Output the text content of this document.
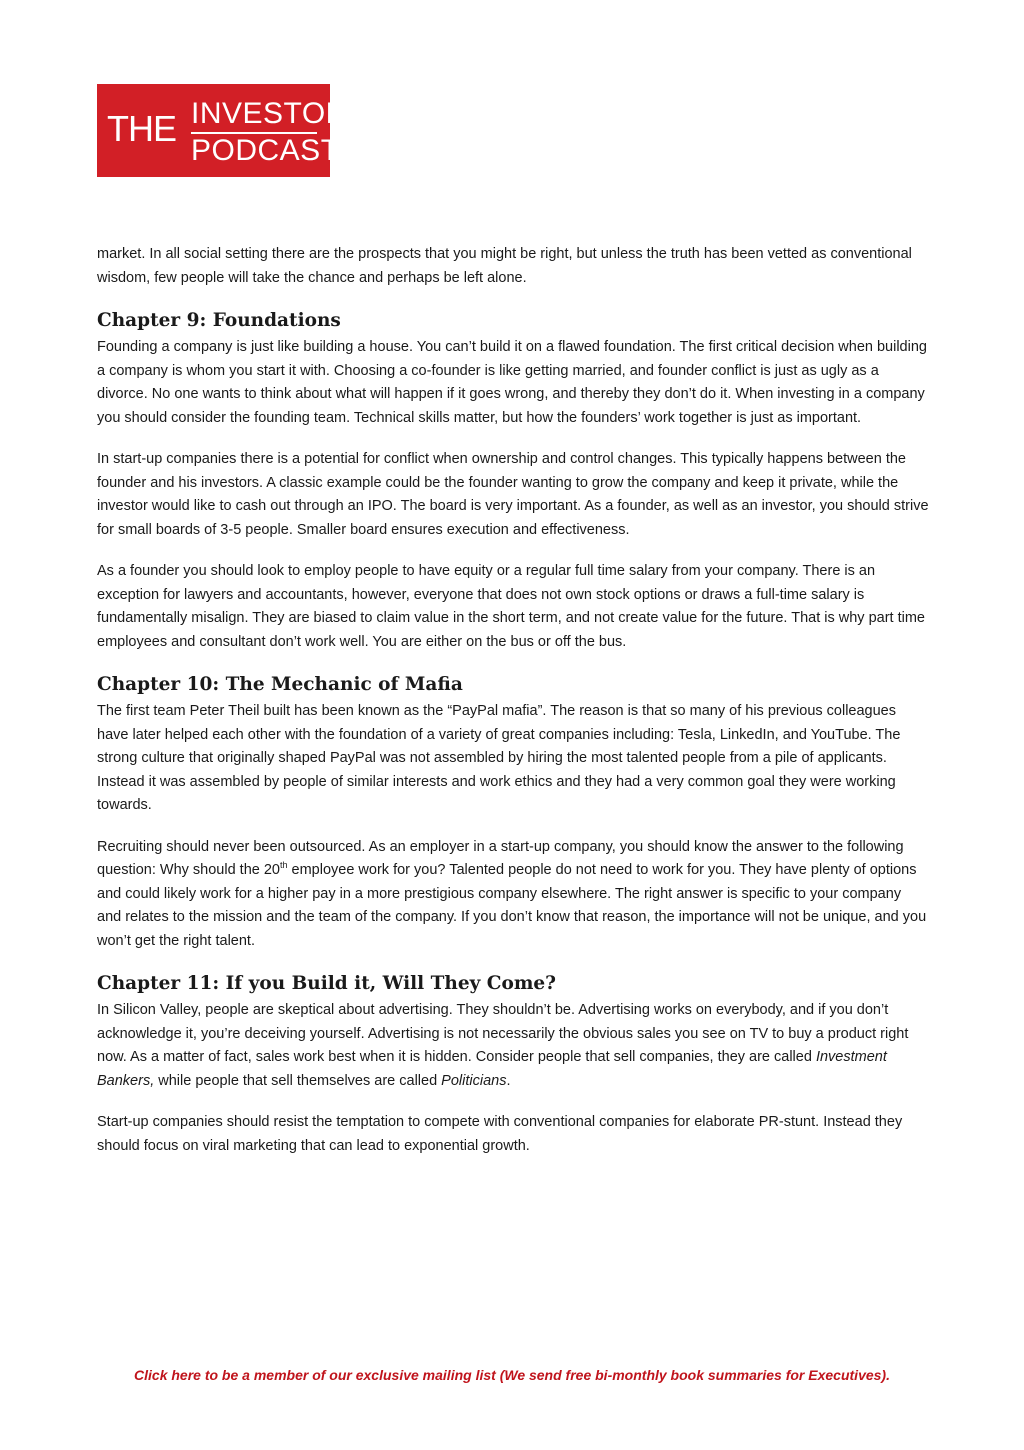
THE INVESTORS
PODCAST

market. In all social setting there are the prospects that you might be right, but unless the truth has been vetted as conventional wisdom, few people will take the chance and perhaps be left alone.

Chapter 9: Foundations

Founding a company is just like building a house. You can’t build it on a flawed foundation. The first critical decision when building a company is whom you start it with. Choosing a co-founder is like getting married, and founder conflict is just as ugly as a divorce. No one wants to think about what will happen if it goes wrong, and thereby they don’t do it. When investing in a company you should consider the founding team. Technical skills matter, but how the founders’ work together is just as important.

In start-up companies there is a potential for conflict when ownership and control changes. This typically happens between the founder and his investors. A classic example could be the founder wanting to grow the company and keep it private, while the investor would like to cash out through an IPO. The board is very important. As a founder, as well as an investor, you should strive for small boards of 3-5 people. Smaller board ensures execution and effectiveness.

As a founder you should look to employ people to have equity or a regular full time salary from your company. There is an exception for lawyers and accountants, however, everyone that does not own stock options or draws a full-time salary is fundamentally misalign. They are biased to claim value in the short term, and not create value for the future. That is why part time employees and consultant don’t work well. You are either on the bus or off the bus.

Chapter 10: The Mechanic of Mafia

The first team Peter Theil built has been known as the “PayPal mafia”. The reason is that so many of his previous colleagues have later helped each other with the foundation of a variety of great companies including: Tesla, LinkedIn, and YouTube. The strong culture that originally shaped PayPal was not assembled by hiring the most talented people from a pile of applicants. Instead it was assembled by people of similar interests and work ethics and they had a very common goal they were working towards.

Recruiting should never been outsourced. As an employer in a start-up company, you should know the answer to the following question: Why should the 20th employee work for you? Talented people do not need to work for you. They have plenty of options and could likely work for a higher pay in a more prestigious company elsewhere. The right answer is specific to your company and relates to the mission and the team of the company. If you don’t know that reason, the importance will not be unique, and you won’t get the right talent.

Chapter 11: If you Build it, Will They Come?

In Silicon Valley, people are skeptical about advertising. They shouldn’t be. Advertising works on everybody, and if you don’t acknowledge it, you’re deceiving yourself. Advertising is not necessarily the obvious sales you see on TV to buy a product right now. As a matter of fact, sales work best when it is hidden. Consider people that sell companies, they are called Investment Bankers, while people that sell themselves are called Politicians.

Start-up companies should resist the temptation to compete with conventional companies for elaborate PR-stunt. Instead they should focus on viral marketing that can lead to exponential growth.

Click here to be a member of our exclusive mailing list (We send free bi-monthly book summaries for Executives).
